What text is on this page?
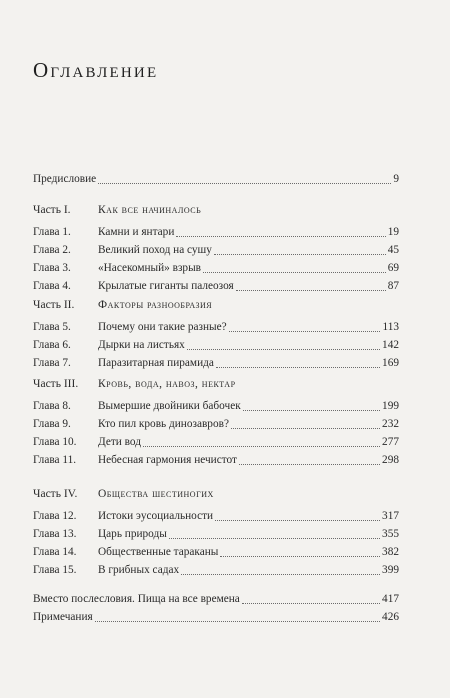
Оглавление
Предисловие	9
Часть I.	Как все начиналось
Глава 1.	Камни и янтари	19
Глава 2.	Великий поход на сушу	45
Глава 3.	«Насекомный» взрыв	69
Глава 4.	Крылатые гиганты палеозоя	87
Часть II.	Факторы разнообразия
Глава 5.	Почему они такие разные?	113
Глава 6.	Дырки на листьях	142
Глава 7.	Паразитарная пирамида	169
Часть III.	Кровь, вода, навоз, нектар
Глава 8.	Вымершие двойники бабочек	199
Глава 9.	Кто пил кровь динозавров?	232
Глава 10.	Дети вод	277
Глава 11.	Небесная гармония нечистот	298
Часть IV.	Общества шестиногих
Глава 12.	Истоки эусоциальности	317
Глава 13.	Царь природы	355
Глава 14.	Общественные тараканы	382
Глава 15.	В грибных садах	399
Вместо послесловия. Пища на все времена	417
Примечания	426
